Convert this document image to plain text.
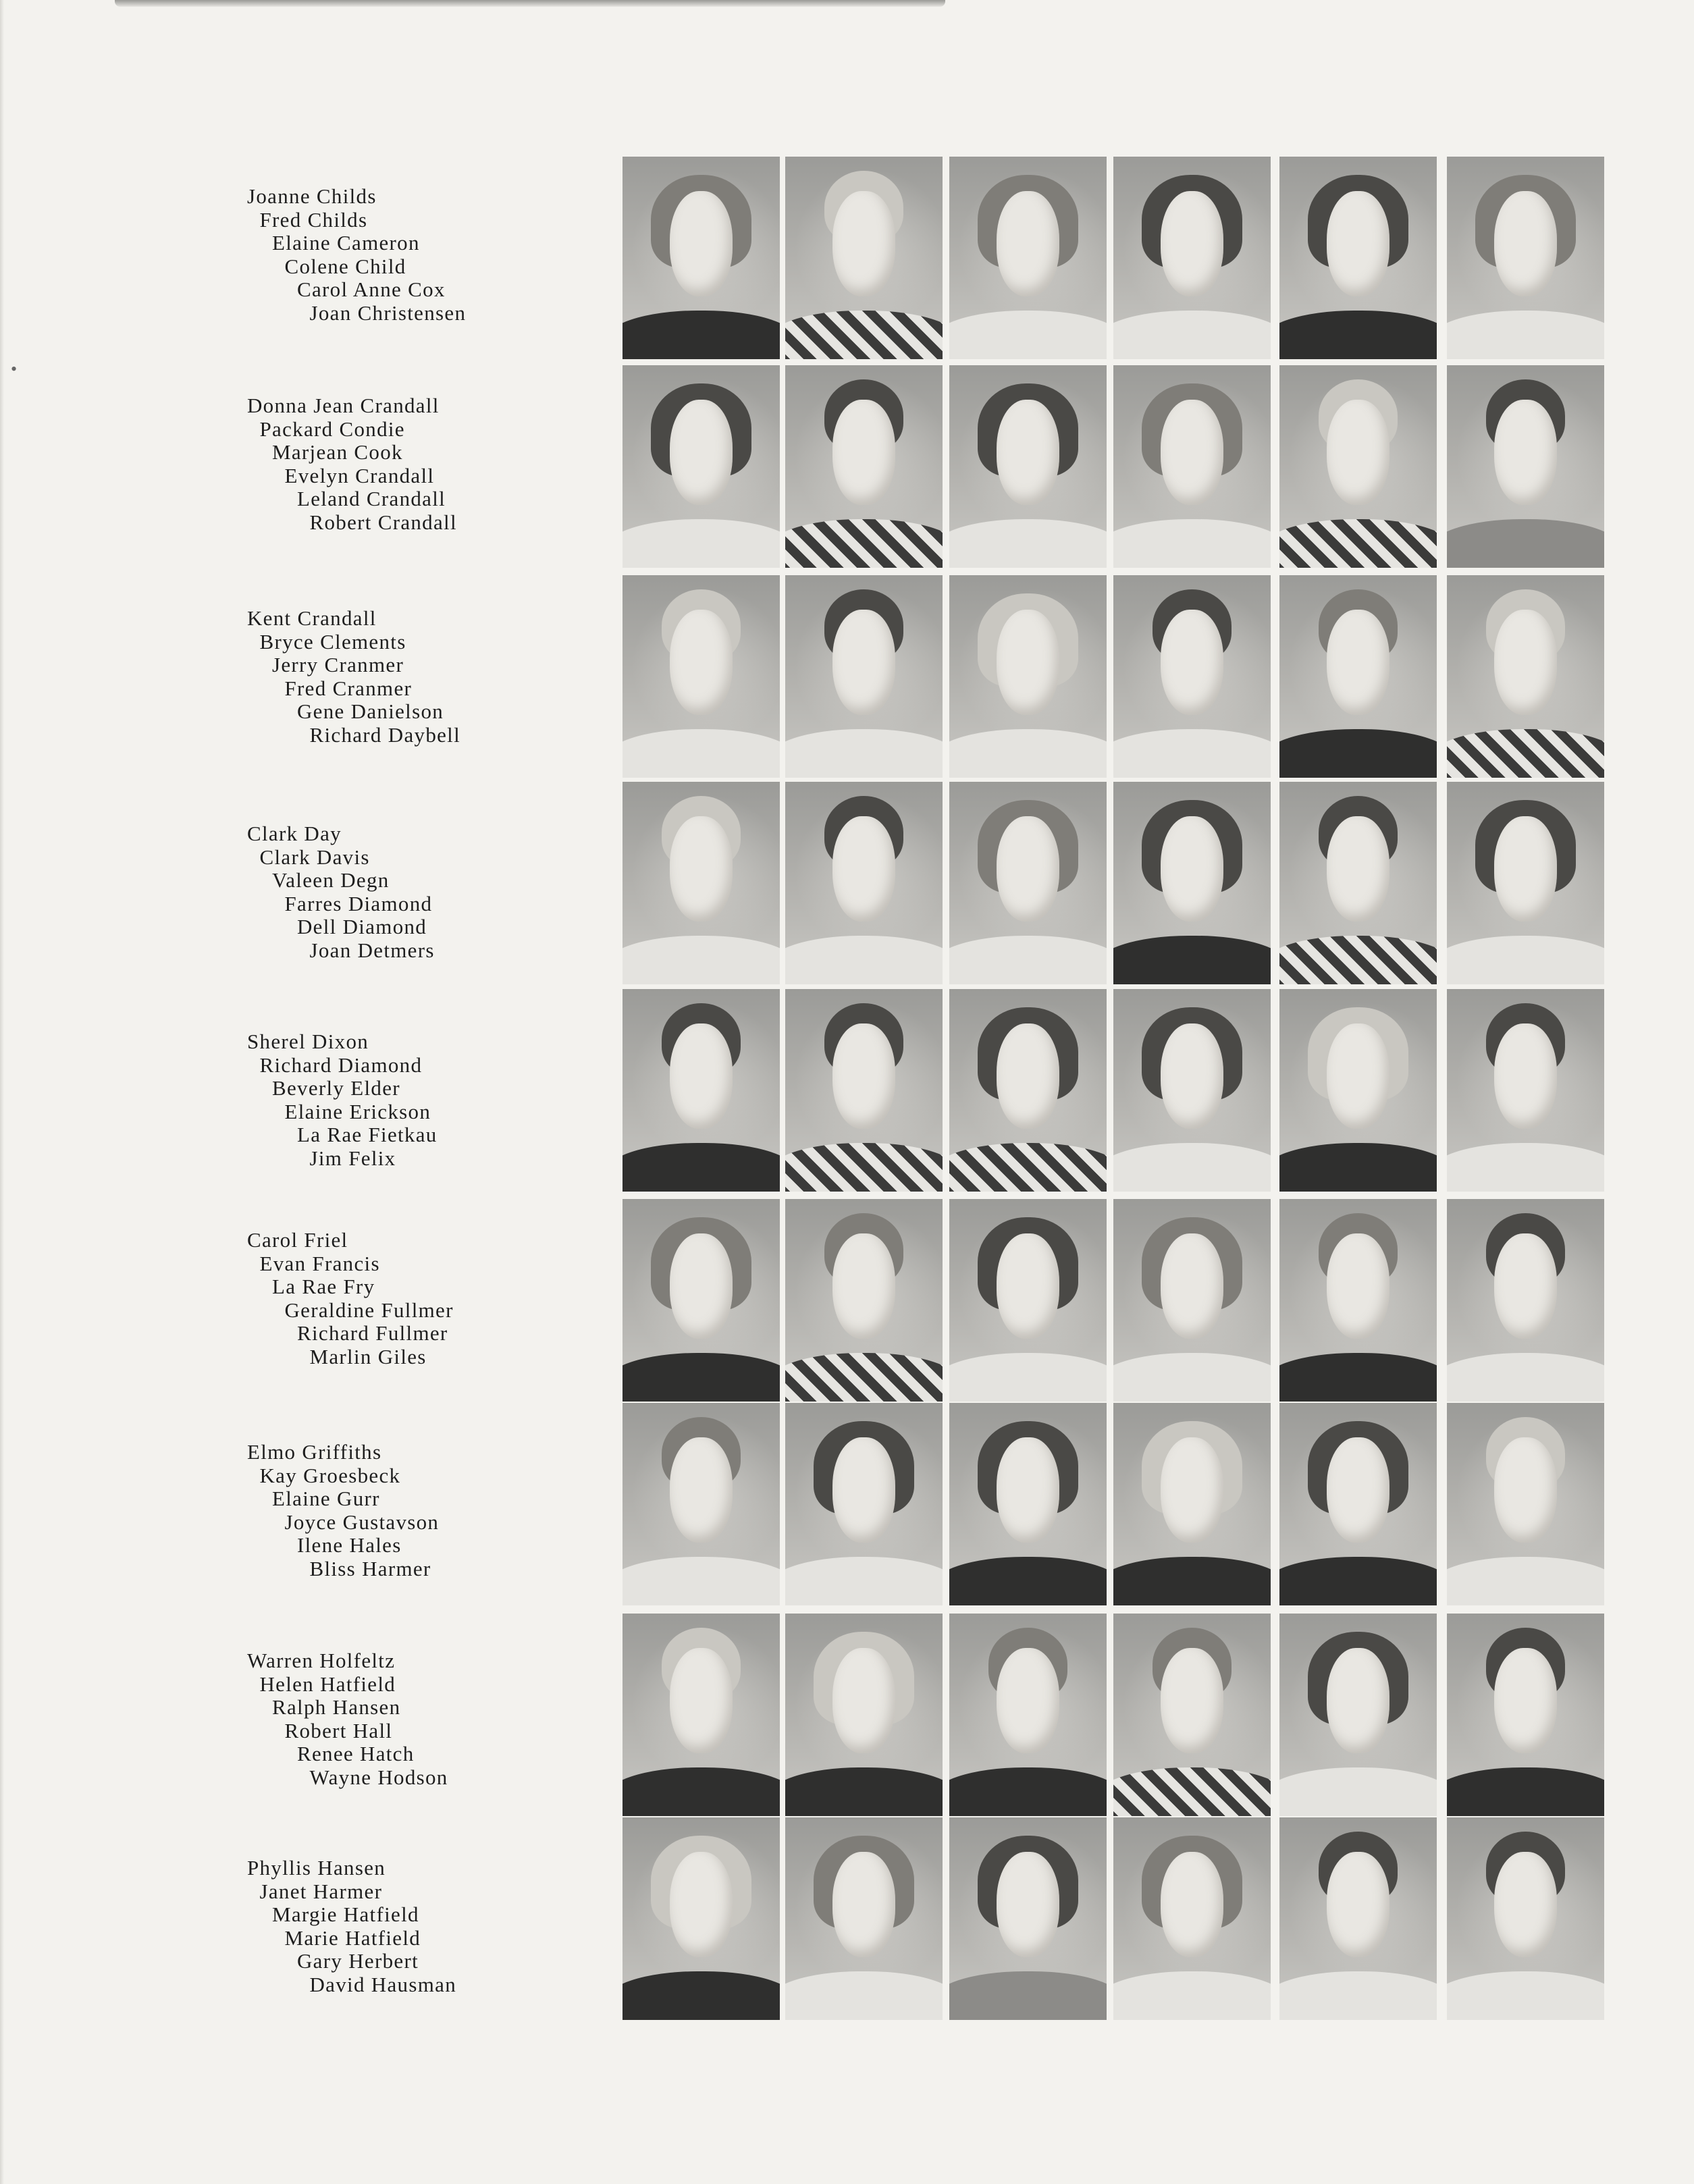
•
Joanne Childs
Fred Childs
Elaine Cameron
Colene Child
Carol Anne Cox
Joan Christensen
Donna Jean Crandall
Packard Condie
Marjean Cook
Evelyn Crandall
Leland Crandall
Robert Crandall
Kent Crandall
Bryce Clements
Jerry Cranmer
Fred Cranmer
Gene Danielson
Richard Daybell
Clark Day
Clark Davis
Valeen Degn
Farres Diamond
Dell Diamond
Joan Detmers
Sherel Dixon
Richard Diamond
Beverly Elder
Elaine Erickson
La Rae Fietkau
Jim Felix
Carol Friel
Evan Francis
La Rae Fry
Geraldine Fullmer
Richard Fullmer
Marlin Giles
Elmo Griffiths
Kay Groesbeck
Elaine Gurr
Joyce Gustavson
Ilene Hales
Bliss Harmer
Warren Holfeltz
Helen Hatfield
Ralph Hansen
Robert Hall
Renee Hatch
Wayne Hodson
Phyllis Hansen
Janet Harmer
Margie Hatfield
Marie Hatfield
Gary Herbert
David Hausman
